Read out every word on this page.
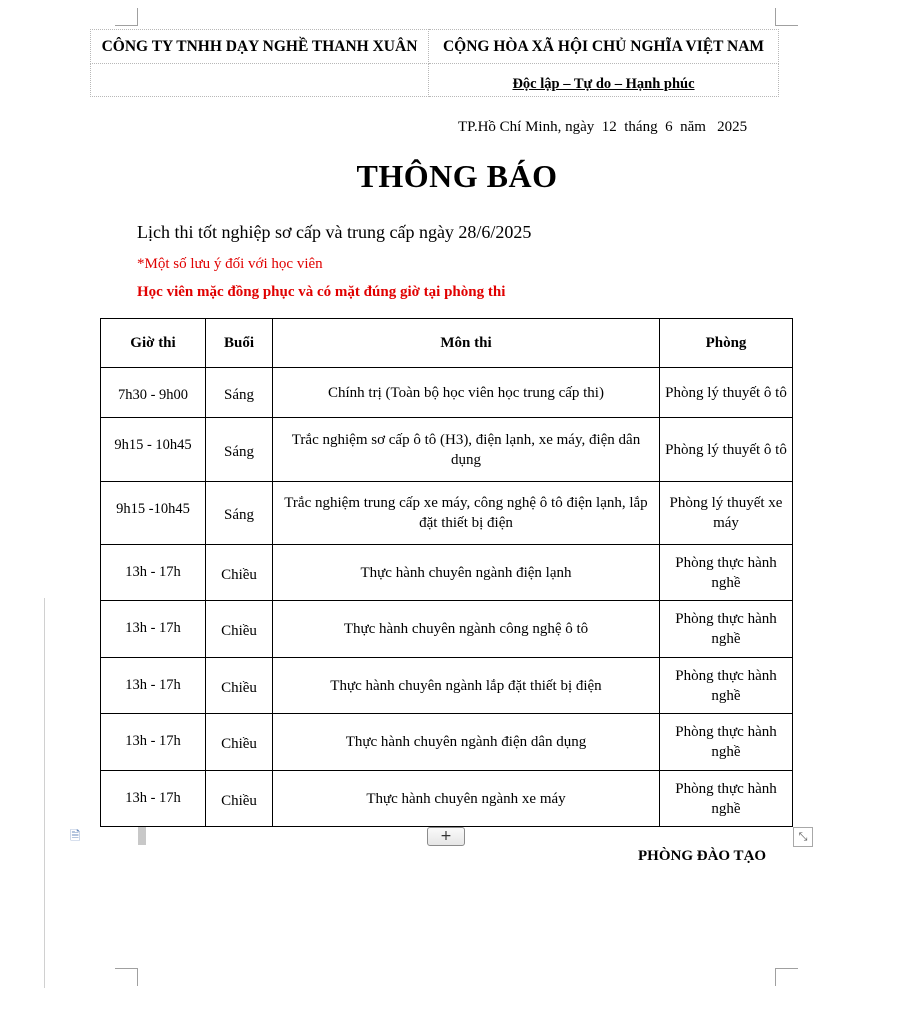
CÔNG TY TNHH DẠY NGHỀ THANH XUÂN	CỘNG HÒA XÃ HỘI CHỦ NGHĨA VIỆT NAM
	Độc lập – Tự do – Hạnh phúc
TP.Hồ Chí Minh, ngày  12  tháng  6  năm   2025
THÔNG BÁO
Lịch thi tốt nghiệp sơ cấp và trung cấp ngày 28/6/2025
*Một số lưu ý đối với học viên
Học viên mặc đồng phục và có mặt đúng giờ tại phòng thi
Giờ thi	Buổi	Môn thi	Phòng
7h30 - 9h00	Sáng	Chính trị (Toàn bộ học viên học trung cấp thi)	Phòng lý thuyết ô tô
9h15 - 10h45	Sáng	Trắc nghiệm sơ cấp ô tô (H3), điện lạnh, xe máy, điện dân dụng	Phòng lý thuyết ô tô
9h15 -10h45	Sáng	Trắc nghiệm trung cấp xe máy, công nghệ ô tô điện lạnh, lắp đặt thiết bị điện	Phòng lý thuyết xe máy
13h - 17h	Chiều	Thực hành chuyên ngành điện lạnh	Phòng thực hành nghề
13h - 17h	Chiều	Thực hành chuyên ngành công nghệ ô tô	Phòng thực hành nghề
13h - 17h	Chiều	Thực hành chuyên ngành lắp đặt thiết bị điện	Phòng thực hành nghề
13h - 17h	Chiều	Thực hành chuyên ngành điện dân dụng	Phòng thực hành nghề
13h - 17h	Chiều	Thực hành chuyên ngành xe máy	Phòng thực hành nghề
🗎	+	⤡
PHÒNG ĐÀO TẠO
